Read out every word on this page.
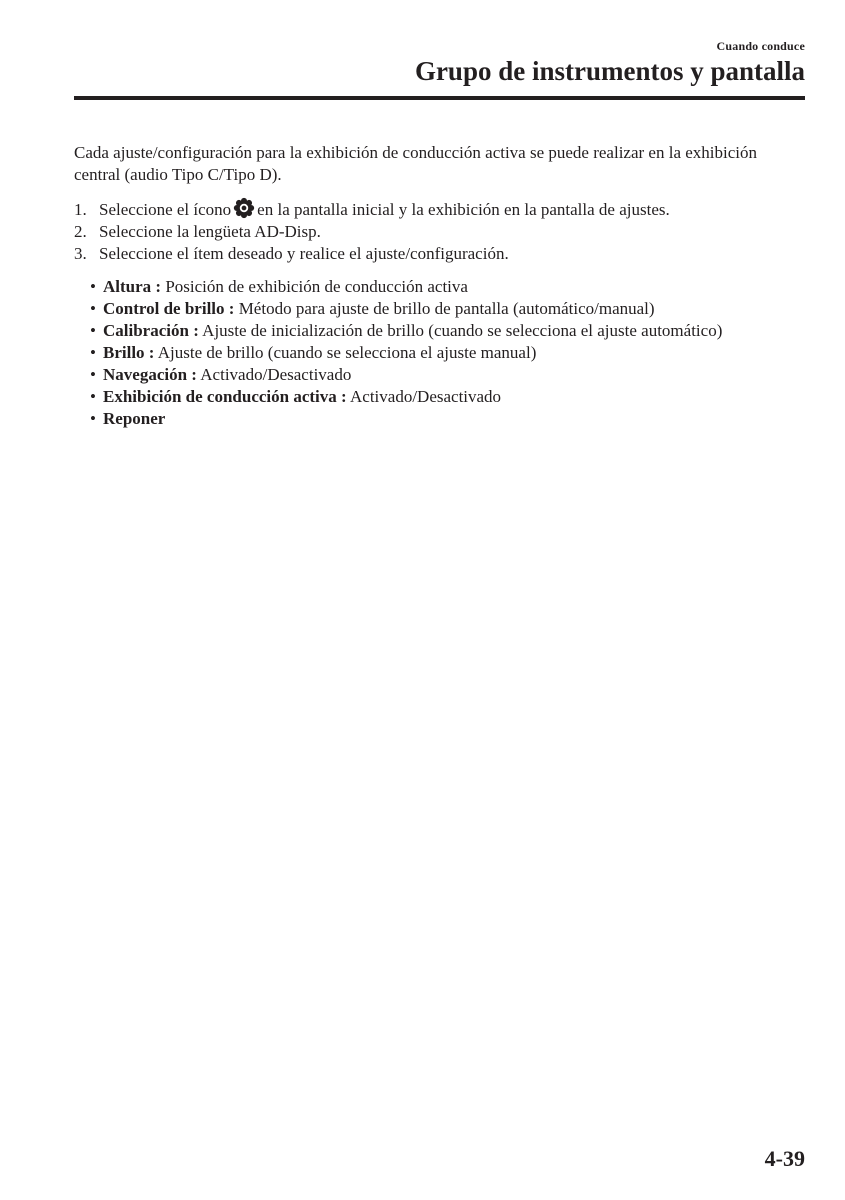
Cuando conduce
Grupo de instrumentos y pantalla

Cada ajuste/configuración para la exhibición de conducción activa se puede realizar en la exhibición central (audio Tipo C/Tipo D).

1. Seleccione el ícono en la pantalla inicial y la exhibición en la pantalla de ajustes.
2. Seleccione la lengüeta AD-Disp.
3. Seleccione el ítem deseado y realice el ajuste/configuración.
• Altura : Posición de exhibición de conducción activa
• Control de brillo : Método para ajuste de brillo de pantalla (automático/manual)
• Calibración : Ajuste de inicialización de brillo (cuando se selecciona el ajuste automático)
• Brillo : Ajuste de brillo (cuando se selecciona el ajuste manual)
• Navegación : Activado/Desactivado
• Exhibición de conducción activa : Activado/Desactivado
• Reponer
4-39
